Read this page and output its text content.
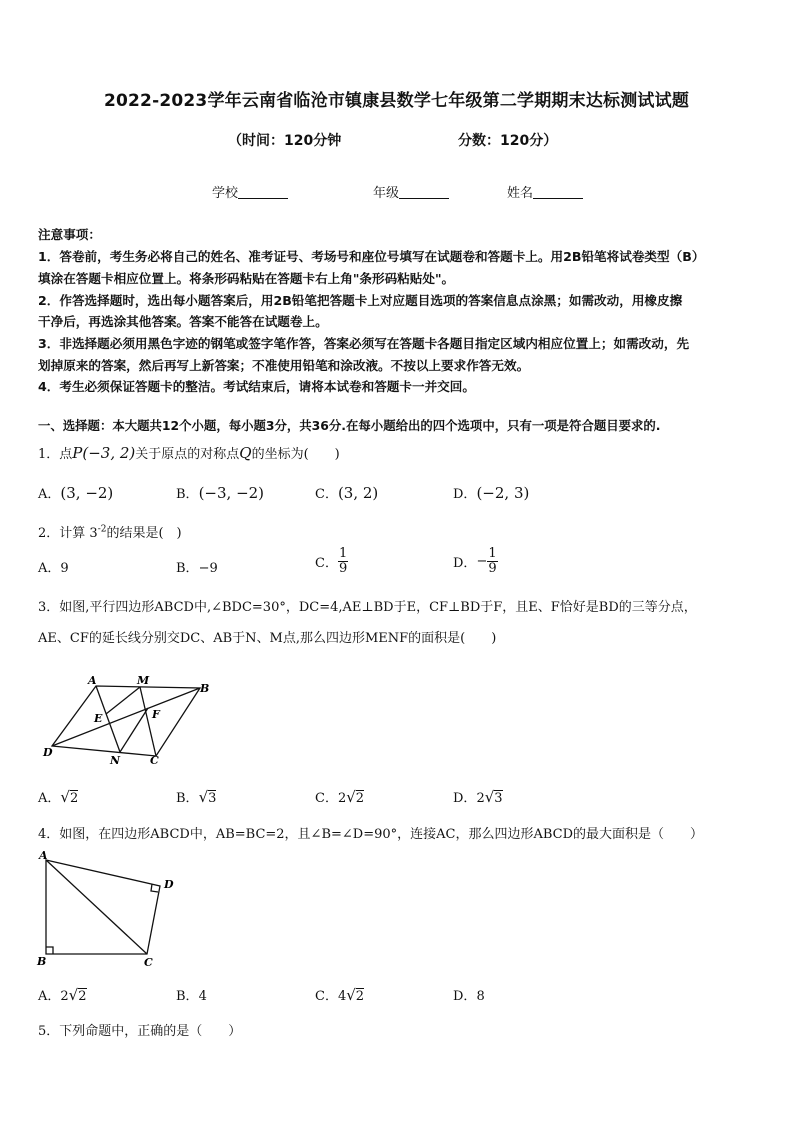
2022-2023学年云南省临沧市镇康县数学七年级第二学期期末达标测试试题
（时间：120分钟	分数：120分）
学校	年级	姓名
注意事项：
1．答卷前，考生务必将自己的姓名、准考证号、考场号和座位号填写在试题卷和答题卡上。用2B铅笔将试卷类型（B）
填涂在答题卡相应位置上。将条形码粘贴在答题卡右上角"条形码粘贴处"。
2．作答选择题时，选出每小题答案后，用2B铅笔把答题卡上对应题目选项的答案信息点涂黑；如需改动，用橡皮擦
干净后，再选涂其他答案。答案不能答在试题卷上。
3．非选择题必须用黑色字迹的钢笔或签字笔作答，答案必须写在答题卡各题目指定区域内相应位置上；如需改动，先
划掉原来的答案，然后再写上新答案；不准使用铅笔和涂改液。不按以上要求作答无效。
4．考生必须保证答题卡的整洁。考试结束后，请将本试卷和答题卡一并交回。
一、选择题：本大题共12个小题，每小题3分，共36分.在每小题给出的四个选项中，只有一项是符合题目要求的.
1．点P(−3, 2)关于原点的对称点Q的坐标为(　　)
A．(3, −2)	B．(−3, −2)	C．(3, 2)	D．(−2, 3)
2．计算 $3^{-2}$的结果是(　)
A．9	B．−9	C． $\frac{1}{9}$	D．− $\frac{1}{9}$
3．如图,平行四边形ABCD中,∠BDC=30°，DC=4,AE⊥BD于E，CF⊥BD于F，且E、F恰好是BD的三等分点，
AE、CF的延长线分别交DC、AB于N、M点,那么四边形MENF的面积是(　　)
A	M
B
E	F
D
N	C
A．√2	B．√3	C．2√2	D．2√3
4．如图，在四边形ABCD中，AB=BC=2，且∠B=∠D=90°，连接AC，那么四边形ABCD的最大面积是（　　）
A
D
B	C
A．2√2	B．4	C．4√2	D．8
5．下列命题中，正确的是（　　）
